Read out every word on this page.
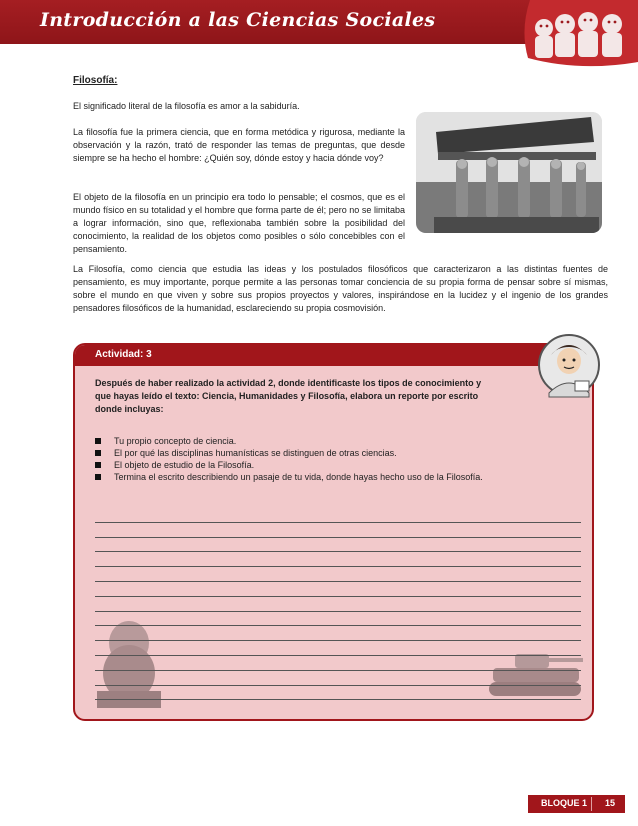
Introducción a las Ciencias Sociales
Filosofía:
El significado literal de la filosofía es amor a la sabiduría.
La filosofía fue la primera ciencia, que en forma metódica y rigurosa, mediante la observación y la razón, trató de responder las temas de preguntas, que desde siempre se ha hecho el hombre: ¿Quién soy, dónde estoy y hacia dónde voy?
El objeto de la filosofía en un principio era todo lo pensable; el cosmos, que es el mundo físico en su totalidad y el hombre que forma parte de él; pero no se limitaba a lograr información, sino que, reflexionaba también sobre la posibilidad del conocimiento, la realidad de los objetos como posibles o sólo concebibles con el pensamiento.
La Filosofía, como ciencia que estudia las ideas y los postulados filosóficos que caracterizaron a las distintas fuentes de pensamiento, es muy importante, porque permite a las personas tomar conciencia de su propia forma de pensar sobre sí mismas, sobre el mundo en que viven y sobre sus propios proyectos y valores, inspirándose en la lucidez y el ingenio de los grandes pensadores filosóficos de la humanidad, esclareciendo su propia cosmovisión.
Actividad: 3
Después de haber realizado la actividad 2, donde identificaste los tipos de conocimiento y que hayas leído el texto: Ciencia, Humanidades y Filosofía, elabora un reporte por escrito donde incluyas:
Tu propio concepto de ciencia.
El por qué las disciplinas humanísticas se distinguen de otras ciencias.
El objeto de estudio de la Filosofía.
Termina el escrito describiendo un pasaje de tu vida, donde hayas hecho uso de la Filosofía.
BLOQUE 1 15
